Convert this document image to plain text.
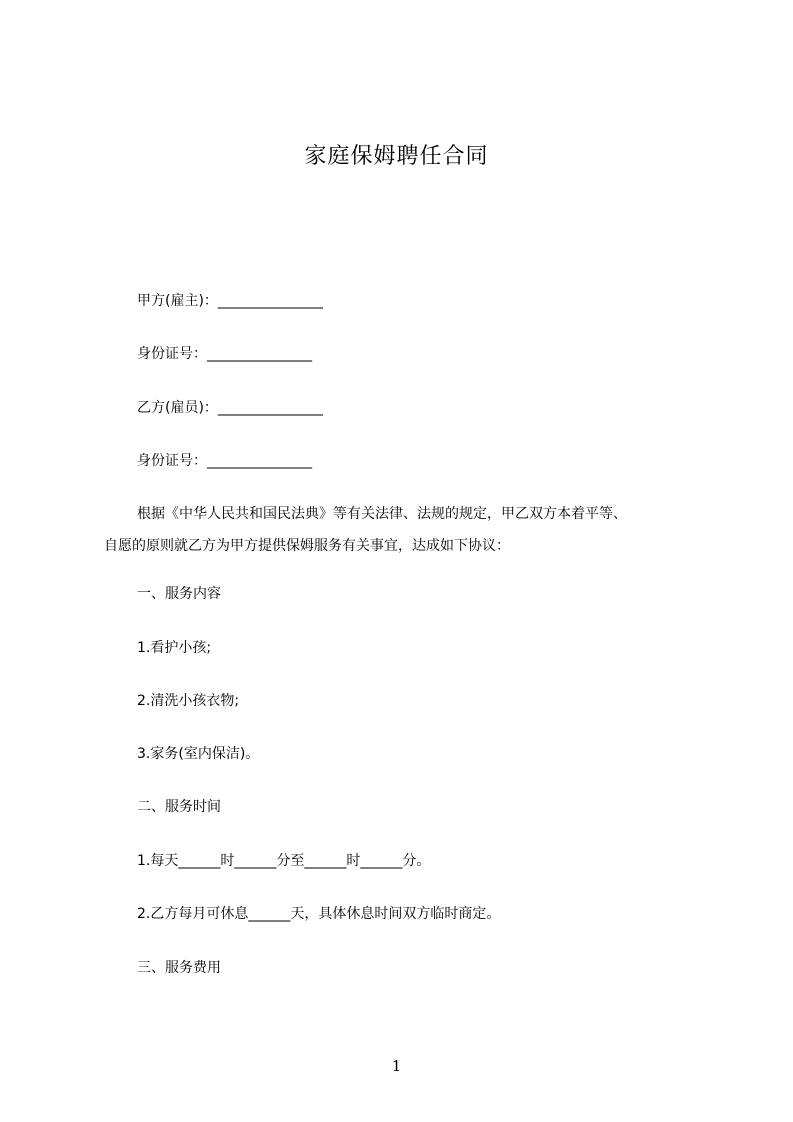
家庭保姆聘任合同
甲方(雇主)：_______________
身份证号：_______________
乙方(雇员)：_______________
身份证号：_______________
根据《中华人民共和国民法典》等有关法律、法规的规定，甲乙双方本着平等、
自愿的原则就乙方为甲方提供保姆服务有关事宜，达成如下协议：
一、服务内容
1.看护小孩;
2.清洗小孩衣物;
3.家务(室内保洁)。
二、服务时间
1.每天______时______分至______时______分。
2.乙方每月可休息______天，具体休息时间双方临时商定。
三、服务费用
1
